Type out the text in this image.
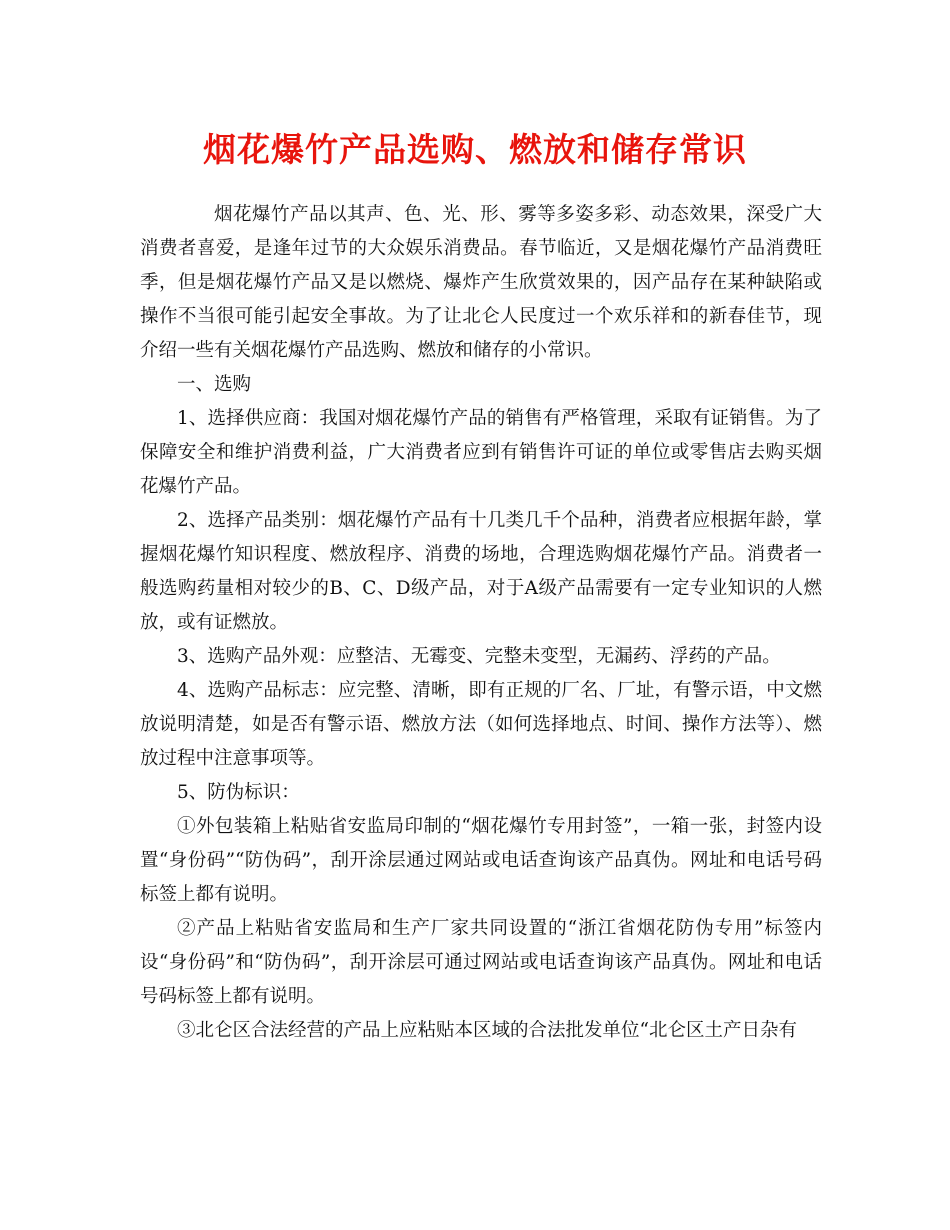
烟花爆竹产品选购、燃放和储存常识

烟花爆竹产品以其声、色、光、形、雾等多姿多彩、动态效果，深受广大消费者喜爱，是逢年过节的大众娱乐消费品。春节临近，又是烟花爆竹产品消费旺季，但是烟花爆竹产品又是以燃烧、爆炸产生欣赏效果的，因产品存在某种缺陷或操作不当很可能引起安全事故。为了让北仑人民度过一个欢乐祥和的新春佳节，现介绍一些有关烟花爆竹产品选购、燃放和储存的小常识。

一、选购

1、选择供应商：我国对烟花爆竹产品的销售有严格管理，采取有证销售。为了保障安全和维护消费利益，广大消费者应到有销售许可证的单位或零售店去购买烟花爆竹产品。

2、选择产品类别：烟花爆竹产品有十几类几千个品种，消费者应根据年龄，掌握烟花爆竹知识程度、燃放程序、消费的场地，合理选购烟花爆竹产品。消费者一般选购药量相对较少的B、C、D级产品，对于A级产品需要有一定专业知识的人燃放，或有证燃放。

3、选购产品外观：应整洁、无霉变、完整未变型，无漏药、浮药的产品。

4、选购产品标志：应完整、清晰，即有正规的厂名、厂址，有警示语，中文燃放说明清楚，如是否有警示语、燃放方法（如何选择地点、时间、操作方法等）、燃放过程中注意事项等。

5、防伪标识：

①外包装箱上粘贴省安监局印制的“烟花爆竹专用封签”，一箱一张，封签内设置“身份码”“防伪码”，刮开涂层通过网站或电话查询该产品真伪。网址和电话号码标签上都有说明。

②产品上粘贴省安监局和生产厂家共同设置的“浙江省烟花防伪专用”标签内设“身份码”和“防伪码”，刮开涂层可通过网站或电话查询该产品真伪。网址和电话号码标签上都有说明。

③北仑区合法经营的产品上应粘贴本区域的合法批发单位“北仑区土产日杂有
